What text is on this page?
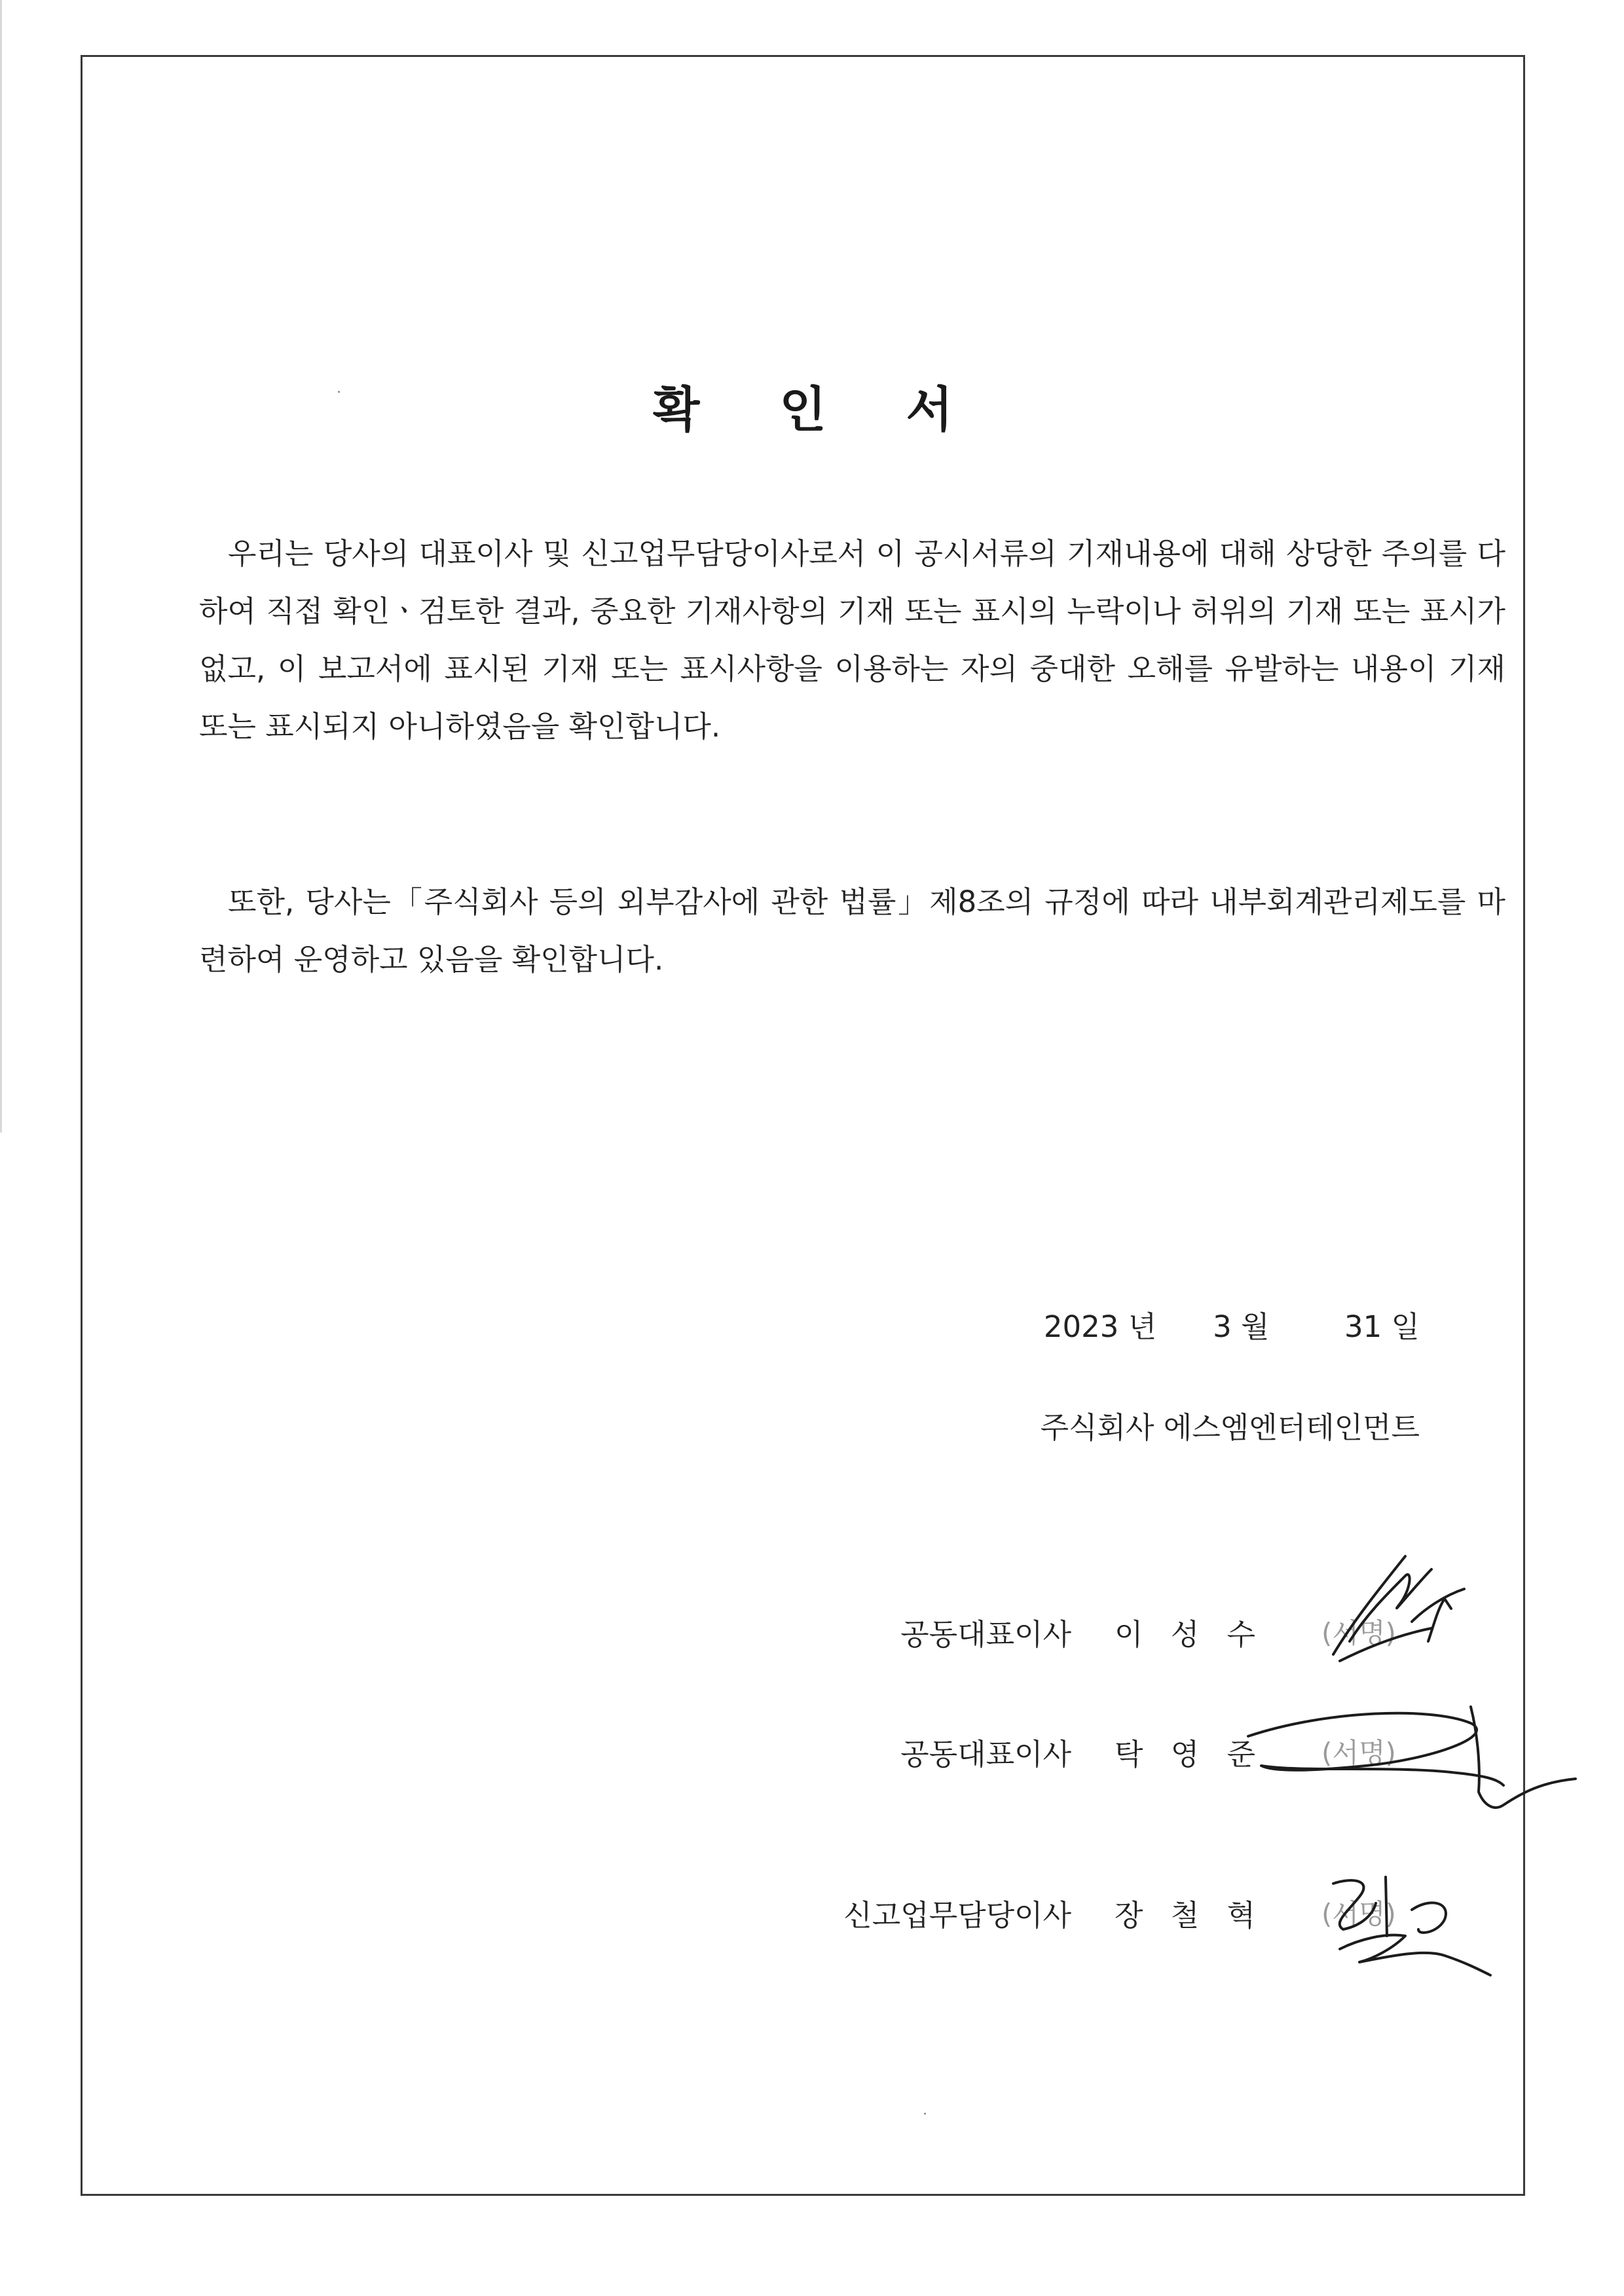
확 인 서
우리는 당사의 대표이사 및 신고업무담당이사로서 이 공시서류의 기재내용에 대해 상당한 주의를 다하여 직접 확인ㆍ검토한 결과, 중요한 기재사항의 기재 또는 표시의 누락이나 허위의 기재 또는 표시가 없고, 이 보고서에 표시된 기재 또는 표시사항을 이용하는 자의 중대한 오해를 유발하는 내용이 기재 또는 표시되지 아니하였음을 확인합니다.
또한, 당사는「주식회사 등의 외부감사에 관한 법률」제8조의 규정에 따라 내부회계관리제도를 마련하여 운영하고 있음을 확인합니다.
2023 년 3 월	31 일
주식회사 에스엠엔터테인먼트
공동대표이사 이 성 수 (서명)
공동대표이사 탁 영 준 (서명)
신고업무담당이사 장 철 혁 (서명)
